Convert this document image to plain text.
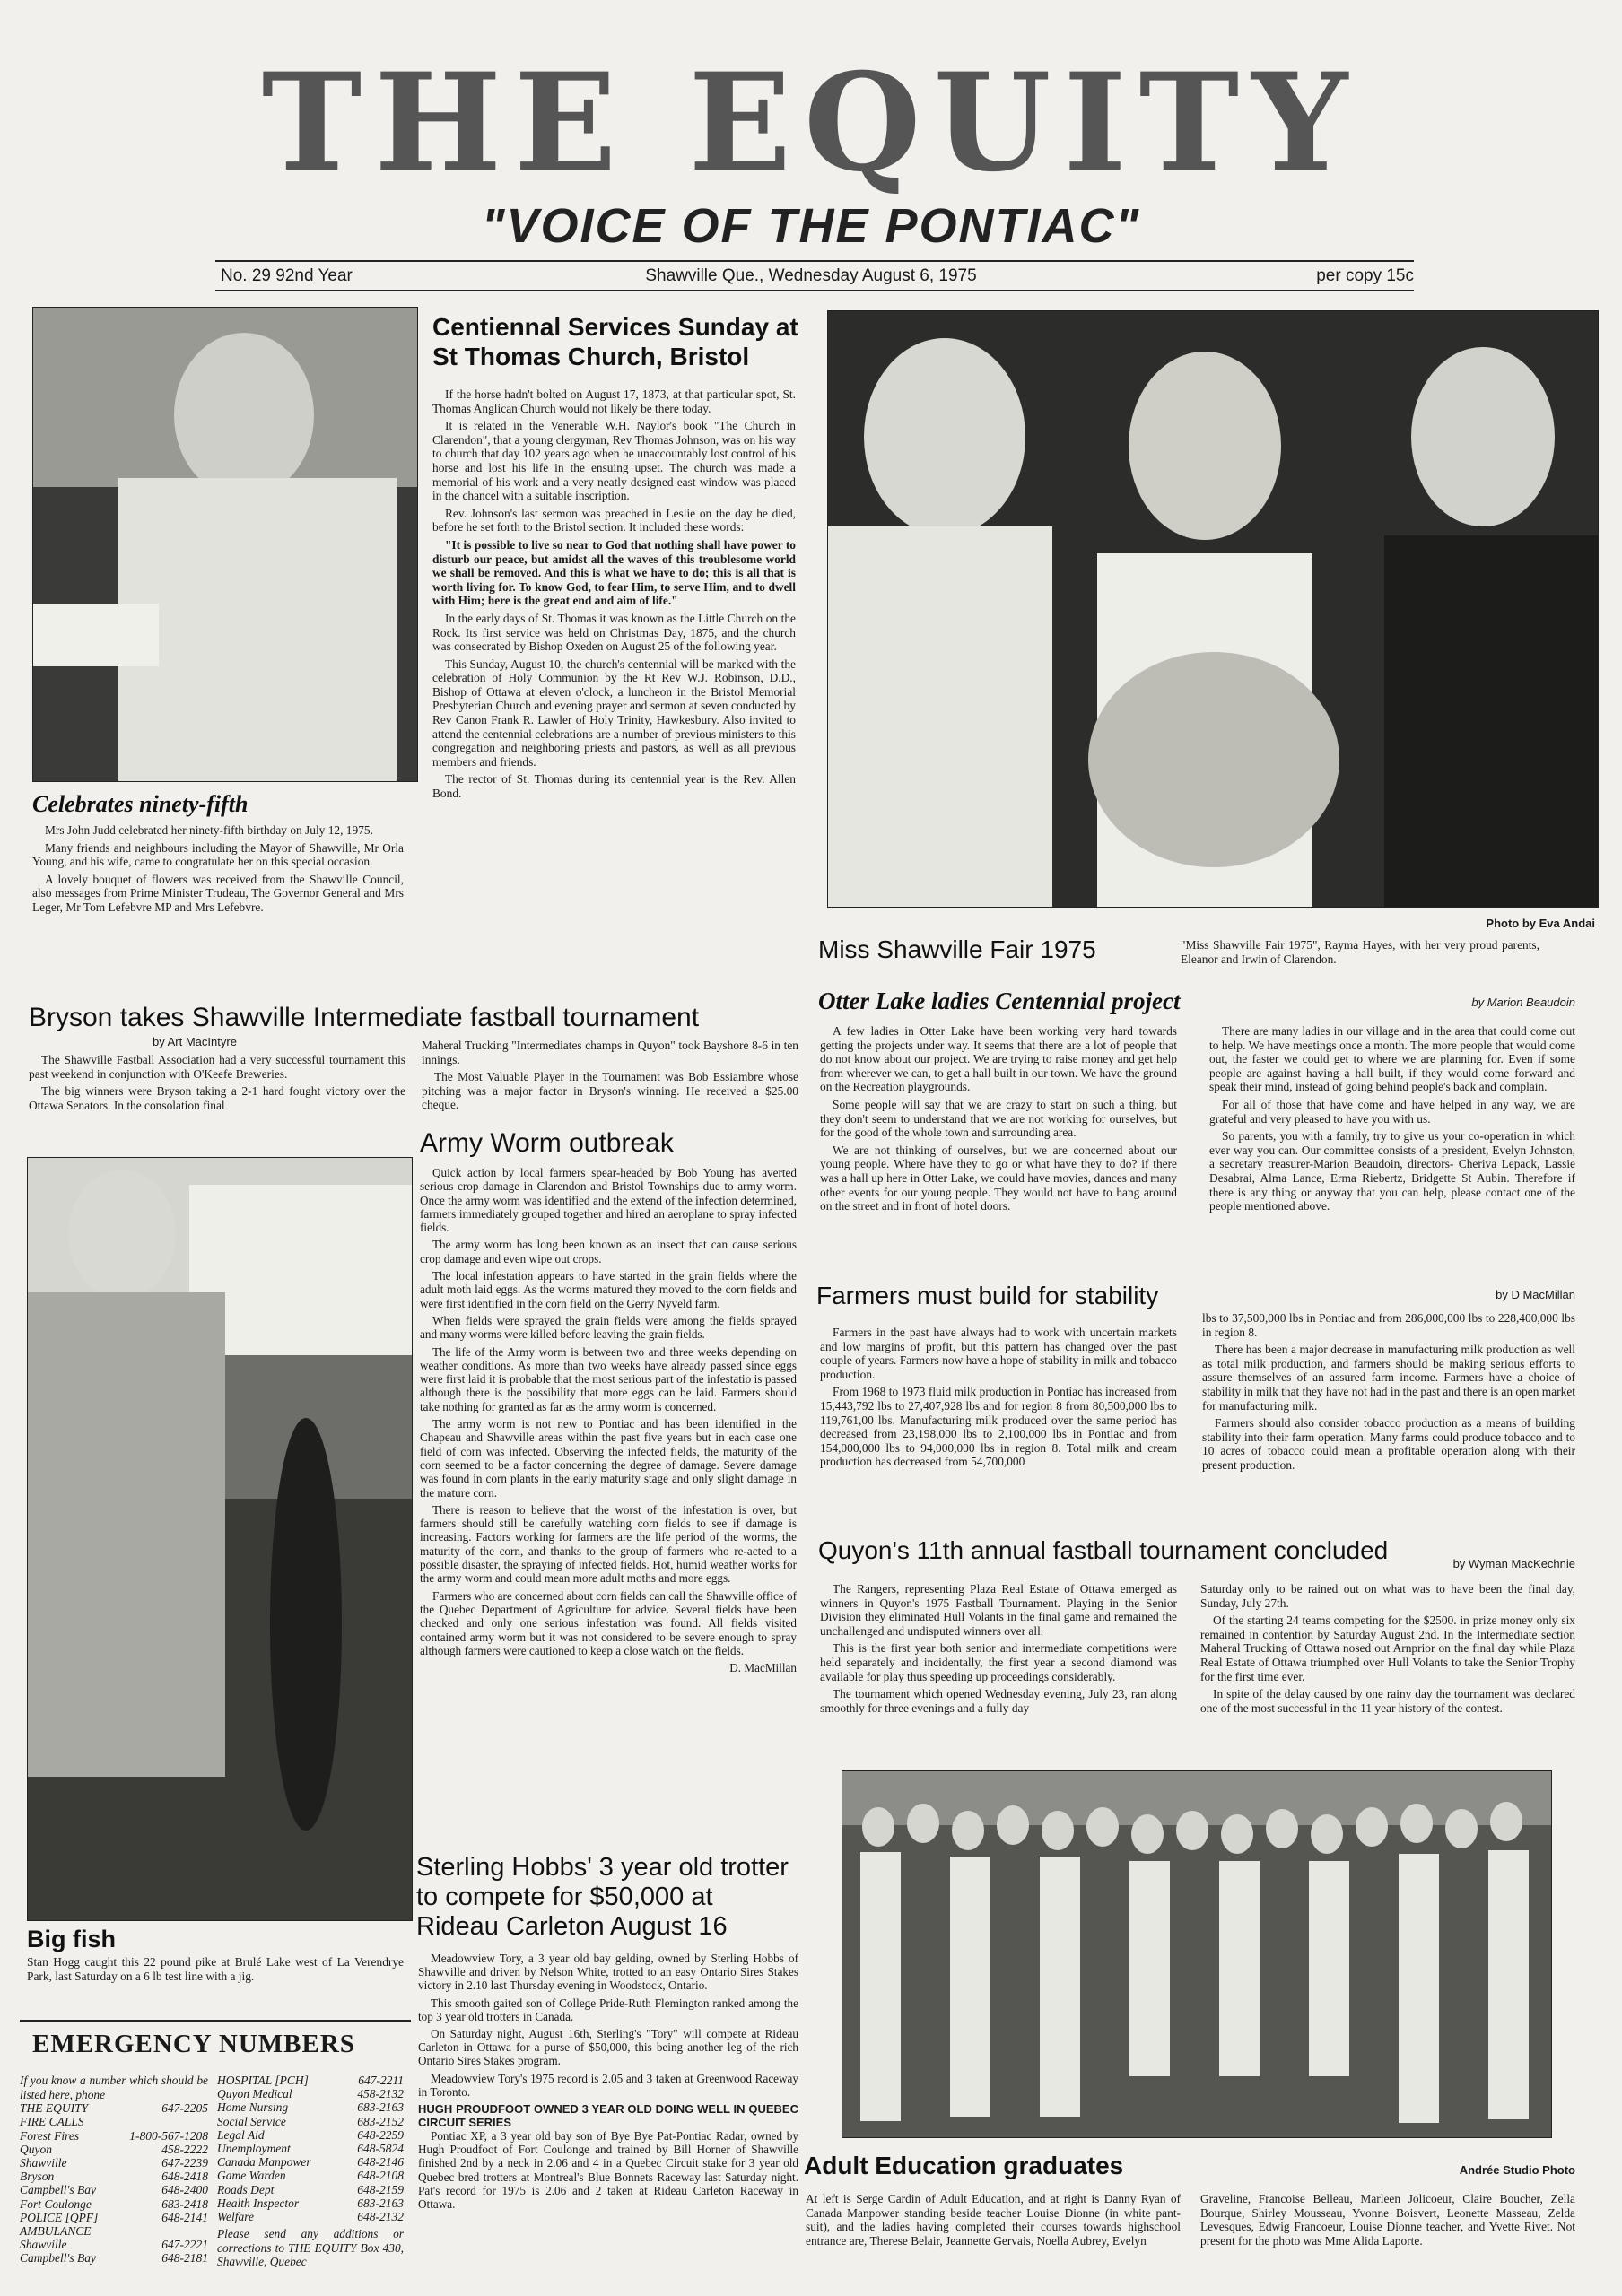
THE EQUITY
"VOICE OF THE PONTIAC"
No. 29 92nd Year	Shawville Que., Wednesday August 6, 1975	per copy 15c
Celebrates ninety-fifth

Mrs John Judd celebrated her ninety-fifth birthday on July 12, 1975.

Many friends and neighbours including the Mayor of Shawville, Mr Orla Young, and his wife, came to congratulate her on this special occasion.

A lovely bouquet of flowers was received from the Shawville Council, also messages from Prime Minister Trudeau, The Governor General and Mrs Leger, Mr Tom Lefebvre MP and Mrs Lefebvre.

Centiennal Services Sunday at St Thomas Church, Bristol

If the horse hadn't bolted on August 17, 1873, at that particular spot, St. Thomas Anglican Church would not likely be there today.

It is related in the Venerable W.H. Naylor's book "The Church in Clarendon", that a young clergyman, Rev Thomas Johnson, was on his way to church that day 102 years ago when he unaccountably lost control of his horse and lost his life in the ensuing upset. The church was made a memorial of his work and a very neatly designed east window was placed in the chancel with a suitable inscription.

Rev. Johnson's last sermon was preached in Leslie on the day he died, before he set forth to the Bristol section. It included these words:

"It is possible to live so near to God that nothing shall have power to disturb our peace, but amidst all the waves of this troublesome world we shall be removed. And this is what we have to do; this is all that is worth living for. To know God, to fear Him, to serve Him, and to dwell with Him; here is the great end and aim of life."

In the early days of St. Thomas it was known as the Little Church on the Rock. Its first service was held on Christmas Day, 1875, and the church was consecrated by Bishop Oxeden on August 25 of the following year.

This Sunday, August 10, the church's centennial will be marked with the celebration of Holy Communion by the Rt Rev W.J. Robinson, D.D., Bishop of Ottawa at eleven o'clock, a luncheon in the Bristol Memorial Presbyterian Church and evening prayer and sermon at seven conducted by Rev Canon Frank R. Lawler of Holy Trinity, Hawkesbury. Also invited to attend the centennial celebrations are a number of previous ministers to this congregation and neighboring priests and pastors, as well as all previous members and friends.

The rector of St. Thomas during its centennial year is the Rev. Allen Bond.

Photo by Eva Andai
Miss Shawville Fair 1975	"Miss Shawville Fair 1975", Rayma Hayes, with her very proud parents, Eleanor and Irwin of Clarendon.
Bryson takes Shawville Intermediate fastball tournament
by Art MacIntyre

The Shawville Fastball Association had a very successful tournament this past weekend in conjunction with O'Keefe Breweries.

The big winners were Bryson taking a 2-1 hard fought victory over the Ottawa Senators. In the consolation final

Maheral Trucking "Intermediates champs in Quyon" took Bayshore 8-6 in ten innings.

The Most Valuable Player in the Tournament was Bob Essiambre whose pitching was a major factor in Bryson's winning. He received a $25.00 cheque.

Big fish
Stan Hogg caught this 22 pound pike at Brulé Lake west of La Verendrye Park, last Saturday on a 6 lb test line with a jig.
EMERGENCY NUMBERS
If you know a number which should be listed here, phone
THE EQUITY	647-2205
FIRE CALLS
Forest Fires	1-800-567-1208
Quyon	458-2222
Shawville	647-2239
Bryson	648-2418
Campbell's Bay	648-2400
Fort Coulonge	683-2418
POLICE [QPF]	648-2141
AMBULANCE
Shawville	647-2221
Campbell's Bay	648-2181
HOSPITAL [PCH]	647-2211
Quyon Medical	458-2132
Home Nursing	683-2163
Social Service	683-2152
Legal Aid	648-2259
Unemployment	648-5824
Canada Manpower	648-2146
Game Warden	648-2108
Roads Dept	648-2159
Health Inspector	683-2163
Welfare	648-2132
Please send any additions or corrections to THE EQUITY Box 430, Shawville, Quebec
Army Worm outbreak

Quick action by local farmers spear-headed by Bob Young has averted serious crop damage in Clarendon and Bristol Townships due to army worm. Once the army worm was identified and the extend of the infection determined, farmers immediately grouped together and hired an aeroplane to spray infected fields.

The army worm has long been known as an insect that can cause serious crop damage and even wipe out crops.

The local infestation appears to have started in the grain fields where the adult moth laid eggs. As the worms matured they moved to the corn fields and were first identified in the corn field on the Gerry Nyveld farm.

When fields were sprayed the grain fields were among the fields sprayed and many worms were killed before leaving the grain fields.

The life of the Army worm is between two and three weeks depending on weather conditions. As more than two weeks have already passed since eggs were first laid it is probable that the most serious part of the infestatio is passed although there is the possibility that more eggs can be laid. Farmers should take nothing for granted as far as the army worm is concerned.

The army worm is not new to Pontiac and has been identified in the Chapeau and Shawville areas within the past five years but in each case one field of corn was infected. Observing the infected fields, the maturity of the corn seemed to be a factor concerning the degree of damage. Severe damage was found in corn plants in the early maturity stage and only slight damage in the mature corn.

There is reason to believe that the worst of the infestation is over, but farmers should still be carefully watching corn fields to see if damage is increasing. Factors working for farmers are the life period of the worms, the maturity of the corn, and thanks to the group of farmers who re-acted to a possible disaster, the spraying of infected fields. Hot, humid weather works for the army worm and could mean more adult moths and more eggs.

Farmers who are concerned about corn fields can call the Shawville office of the Quebec Department of Agriculture for advice. Several fields have been checked and only one serious infestation was found. All fields visited contained army worm but it was not considered to be severe enough to spray although farmers were cautioned to keep a close watch on the fields.

D. MacMillan
Sterling Hobbs' 3 year old trotter to compete for $50,000 at Rideau Carleton August 16

Meadowview Tory, a 3 year old bay gelding, owned by Sterling Hobbs of Shawville and driven by Nelson White, trotted to an easy Ontario Sires Stakes victory in 2.10 last Thursday evening in Woodstock, Ontario.

This smooth gaited son of College Pride-Ruth Flemington ranked among the top 3 year old trotters in Canada.

On Saturday night, August 16th, Sterling's "Tory" will compete at Rideau Carleton in Ottawa for a purse of $50,000, this being another leg of the rich Ontario Sires Stakes program.

Meadowview Tory's 1975 record is 2.05 and 3 taken at Greenwood Raceway in Toronto.

HUGH PROUDFOOT OWNED 3 YEAR OLD DOING WELL IN QUEBEC CIRCUIT SERIES

Pontiac XP, a 3 year old bay son of Bye Bye Pat-Pontiac Radar, owned by Hugh Proudfoot of Fort Coulonge and trained by Bill Horner of Shawville finished 2nd by a neck in 2.06 and 4 in a Quebec Circuit stake for 3 year old Quebec bred trotters at Montreal's Blue Bonnets Raceway last Saturday night. Pat's record for 1975 is 2.06 and 2 taken at Rideau Carleton Raceway in Ottawa.

Otter Lake ladies Centennial project	by Marion Beaudoin

A few ladies in Otter Lake have been working very hard towards getting the projects under way. It seems that there are a lot of people that do not know about our project. We are trying to raise money and get help from wherever we can, to get a hall built in our town. We have the ground on the Recreation playgrounds.

Some people will say that we are crazy to start on such a thing, but they don't seem to understand that we are not working for ourselves, but for the good of the whole town and surrounding area.

We are not thinking of ourselves, but we are concerned about our young people. Where have they to go or what have they to do? if there was a hall up here in Otter Lake, we could have movies, dances and many other events for our young people. They would not have to hang around on the street and in front of hotel doors.

There are many ladies in our village and in the area that could come out to help. We have meetings once a month. The more people that would come out, the faster we could get to where we are planning for. Even if some people are against having a hall built, if they would come forward and speak their mind, instead of going behind people's back and complain.

For all of those that have come and have helped in any way, we are grateful and very pleased to have you with us.

So parents, you with a family, try to give us your co-operation in which ever way you can. Our committee consists of a president, Evelyn Johnston, a secretary treasurer-Marion Beaudoin, directors- Cheriva Lepack, Lassie Desabrai, Alma Lance, Erma Riebertz, Bridgette St Aubin. Therefore if there is any thing or anyway that you can help, please contact one of the people mentioned above.

Farmers must build for stability	by D MacMillan

Farmers in the past have always had to work with uncertain markets and low margins of profit, but this pattern has changed over the past couple of years. Farmers now have a hope of stability in milk and tobacco production.

From 1968 to 1973 fluid milk production in Pontiac has increased from 15,443,792 lbs to 27,407,928 lbs and for region 8 from 80,500,000 lbs to 119,761,00 lbs. Manufacturing milk produced over the same period has decreased from 23,198,000 lbs to 2,100,000 lbs in Pontiac and from 154,000,000 lbs to 94,000,000 lbs in region 8. Total milk and cream production has decreased from 54,700,000

lbs to 37,500,000 lbs in Pontiac and from 286,000,000 lbs to 228,400,000 lbs in region 8.

There has been a major decrease in manufacturing milk production as well as total milk production, and farmers should be making serious efforts to assure themselves of an assured farm income. Farmers have a choice of stability in milk that they have not had in the past and there is an open market for manufacturing milk.

Farmers should also consider tobacco production as a means of building stability into their farm operation. Many farms could produce tobacco and to 10 acres of tobacco could mean a profitable operation along with their present production.

Quyon's 11th annual fastball tournament concluded	by Wyman MacKechnie

The Rangers, representing Plaza Real Estate of Ottawa emerged as winners in Quyon's 1975 Fastball Tournament. Playing in the Senior Division they eliminated Hull Volants in the final game and remained the unchallenged and undisputed winners over all.

This is the first year both senior and intermediate competitions were held separately and incidentally, the first year a second diamond was available for play thus speeding up proceedings considerably.

The tournament which opened Wednesday evening, July 23, ran along smoothly for three evenings and a fully day

Saturday only to be rained out on what was to have been the final day, Sunday, July 27th.

Of the starting 24 teams competing for the $2500. in prize money only six remained in contention by Saturday August 2nd. In the Intermediate section Maheral Trucking of Ottawa nosed out Arnprior on the final day while Plaza Real Estate of Ottawa triumphed over Hull Volants to take the Senior Trophy for the first time ever.

In spite of the delay caused by one rainy day the tournament was declared one of the most successful in the 11 year history of the contest.

Adult Education graduates	Andrée Studio Photo
At left is Serge Cardin of Adult Education, and at right is Danny Ryan of Canada Manpower standing beside teacher Louise Dionne (in white pant-suit), and the ladies having completed their courses towards highschool entrance are, Therese Belair, Jeannette Gervais, Noella Aubrey, Evelyn
Graveline, Francoise Belleau, Marleen Jolicoeur, Claire Boucher, Zella Bourque, Shirley Mousseau, Yvonne Boisvert, Leonette Masseau, Zelda Levesques, Edwig Francoeur, Louise Dionne teacher, and Yvette Rivet. Not present for the photo was Mme Alida Laporte.
